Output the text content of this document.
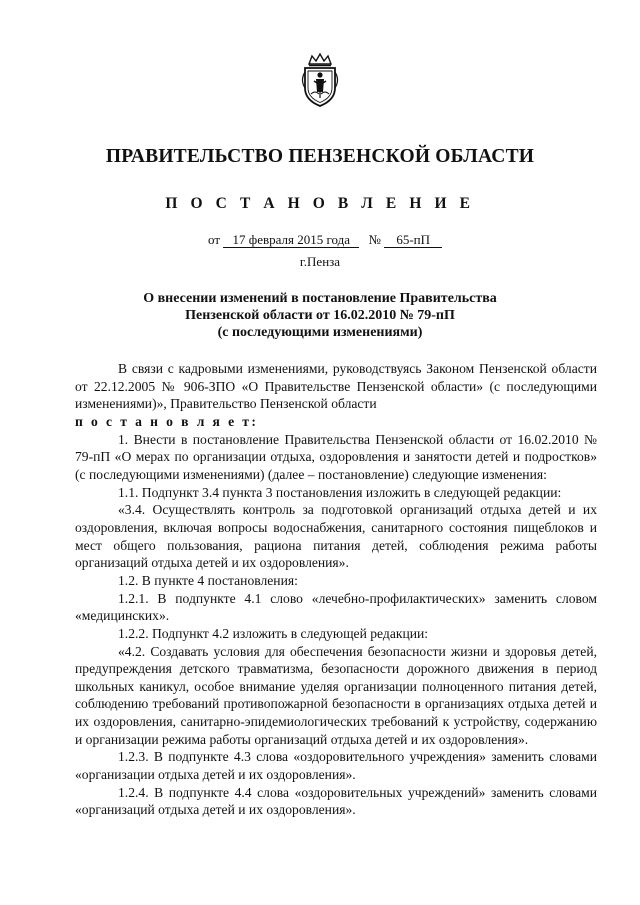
ПРАВИТЕЛЬСТВО ПЕНЗЕНСКОЙ ОБЛАСТИ
П О С Т А Н О В Л Е Н И Е
от 17 февраля 2015 года № 65-пП
г.Пенза
О внесении изменений в постановление Правительства
Пензенской области от 16.02.2010 № 79-пП
(с последующими изменениями)

В связи с кадровыми изменениями, руководствуясь Законом Пензенской области от 22.12.2005 № 906-ЗПО «О Правительстве Пензенской области» (с последующими изменениями)», Правительство Пензенской области

п о с т а н о в л я е т:

1. Внести в постановление Правительства Пензенской области от 16.02.2010 № 79-пП «О мерах по организации отдыха, оздоровления и занятости детей и подростков» (с последующими изменениями) (далее – постановление) следующие изменения:

1.1. Подпункт 3.4 пункта 3 постановления изложить в следующей редакции:

«3.4. Осуществлять контроль за подготовкой организаций отдыха детей и их оздоровления, включая вопросы водоснабжения, санитарного состояния пищеблоков и мест общего пользования, рациона питания детей, соблюдения режима работы организаций отдыха детей и их оздоровления».

1.2. В пункте 4 постановления:

1.2.1. В подпункте 4.1 слово «лечебно-профилактических» заменить словом «медицинских».

1.2.2. Подпункт 4.2 изложить в следующей редакции:

«4.2. Создавать условия для обеспечения безопасности жизни и здоровья детей, предупреждения детского травматизма, безопасности дорожного движения в период школьных каникул, особое внимание уделяя организации полноценного питания детей, соблюдению требований противопожарной безопасности в организациях отдыха детей и их оздоровления, санитарно-эпидемиологических требований к устройству, содержанию и организации режима работы организаций отдыха детей и их оздоровления».

1.2.3. В подпункте 4.3 слова «оздоровительного учреждения» заменить словами «организации отдыха детей и их оздоровления».

1.2.4. В подпункте 4.4 слова «оздоровительных учреждений» заменить словами «организаций отдыха детей и их оздоровления».
